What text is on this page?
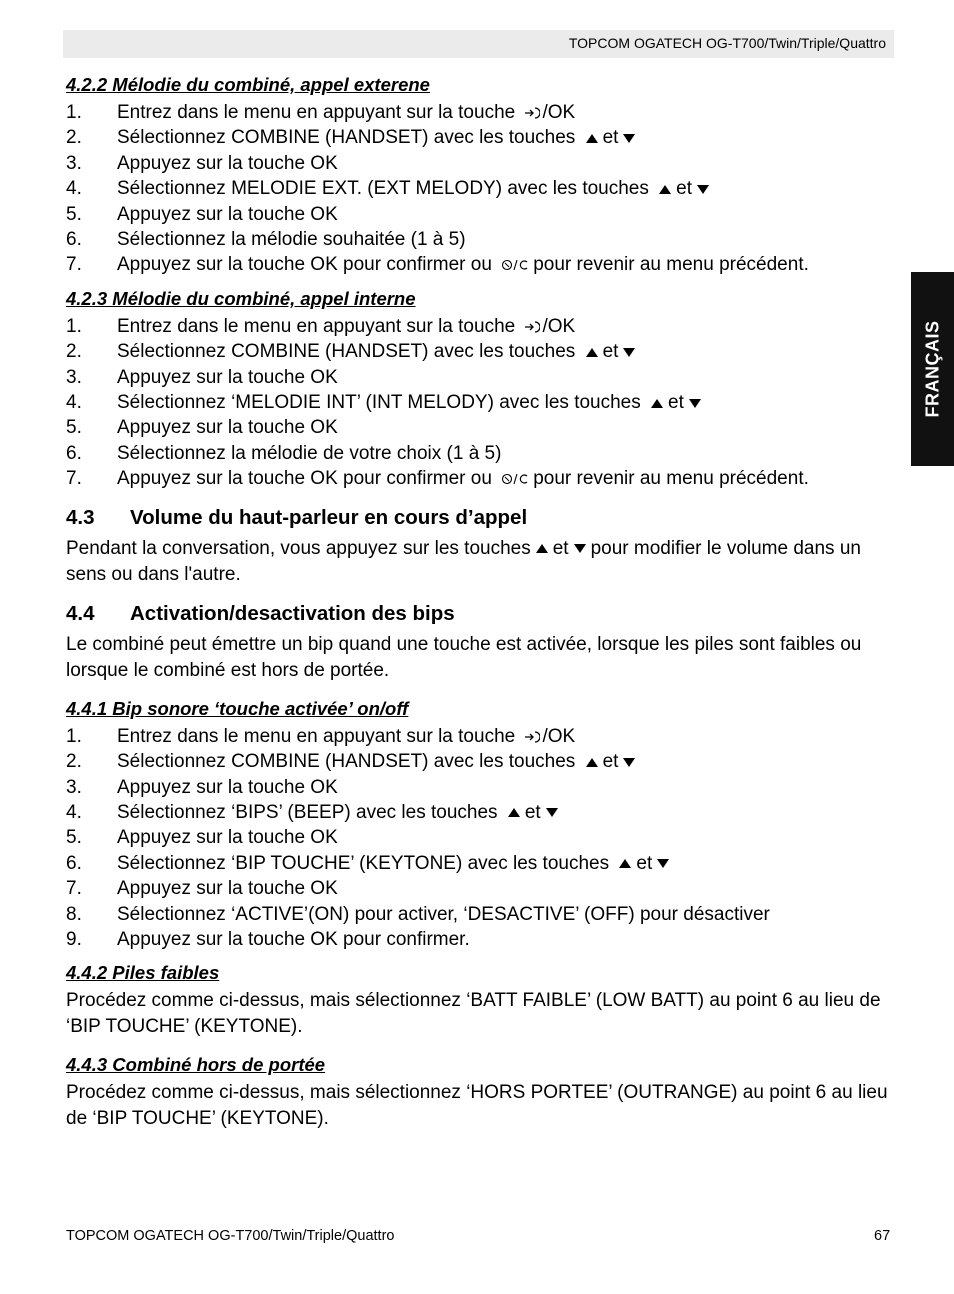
TOPCOM OGATECH OG-T700/Twin/Triple/Quattro
FRANÇAIS
4.2.2 Mélodie du combiné, appel exterene
1. Entrez dans le menu en appuyant sur la touche /OK
2. Sélectionnez COMBINE (HANDSET) avec les touches et
3. Appuyez sur la touche OK
4. Sélectionnez MELODIE EXT. (EXT MELODY) avec les touches et
5. Appuyez sur la touche OK
6. Sélectionnez la mélodie souhaitée (1 à 5)
7. Appuyez sur la touche OK pour confirmer ou pour revenir au menu précédent.
4.2.3 Mélodie du combiné, appel interne
1. Entrez dans le menu en appuyant sur la touche /OK
2. Sélectionnez COMBINE (HANDSET) avec les touches et
3. Appuyez sur la touche OK
4. Sélectionnez ‘MELODIE INT’ (INT MELODY) avec les touches et
5. Appuyez sur la touche OK
6. Sélectionnez la mélodie de votre choix (1 à 5)
7. Appuyez sur la touche OK pour confirmer ou pour revenir au menu précédent.
4.3 Volume du haut-parleur en cours d’appel

Pendant la conversation, vous appuyez sur les touches et pour modifier le volume dans un sens ou dans l'autre.

4.4 Activation/desactivation des bips

Le combiné peut émettre un bip quand une touche est activée, lorsque les piles sont faibles ou lorsque le combiné est hors de portée.

4.4.1 Bip sonore ‘touche activée’ on/off
1. Entrez dans le menu en appuyant sur la touche /OK
2. Sélectionnez COMBINE (HANDSET) avec les touches et
3. Appuyez sur la touche OK
4. Sélectionnez ‘BIPS’ (BEEP) avec les touches et
5. Appuyez sur la touche OK
6. Sélectionnez ‘BIP TOUCHE’ (KEYTONE) avec les touches et
7. Appuyez sur la touche OK
8. Sélectionnez ‘ACTIVE’(ON) pour activer, ‘DESACTIVE’ (OFF) pour désactiver
9. Appuyez sur la touche OK pour confirmer.
4.4.2 Piles faibles

Procédez comme ci-dessus, mais sélectionnez ‘BATT FAIBLE’ (LOW BATT) au point 6 au lieu de ‘BIP TOUCHE’ (KEYTONE).

4.4.3 Combiné hors de portée

Procédez comme ci-dessus, mais sélectionnez ‘HORS PORTEE’ (OUTRANGE) au point 6 au lieu de ‘BIP TOUCHE’ (KEYTONE).

TOPCOM OGATECH OG-T700/Twin/Triple/Quattro	67
